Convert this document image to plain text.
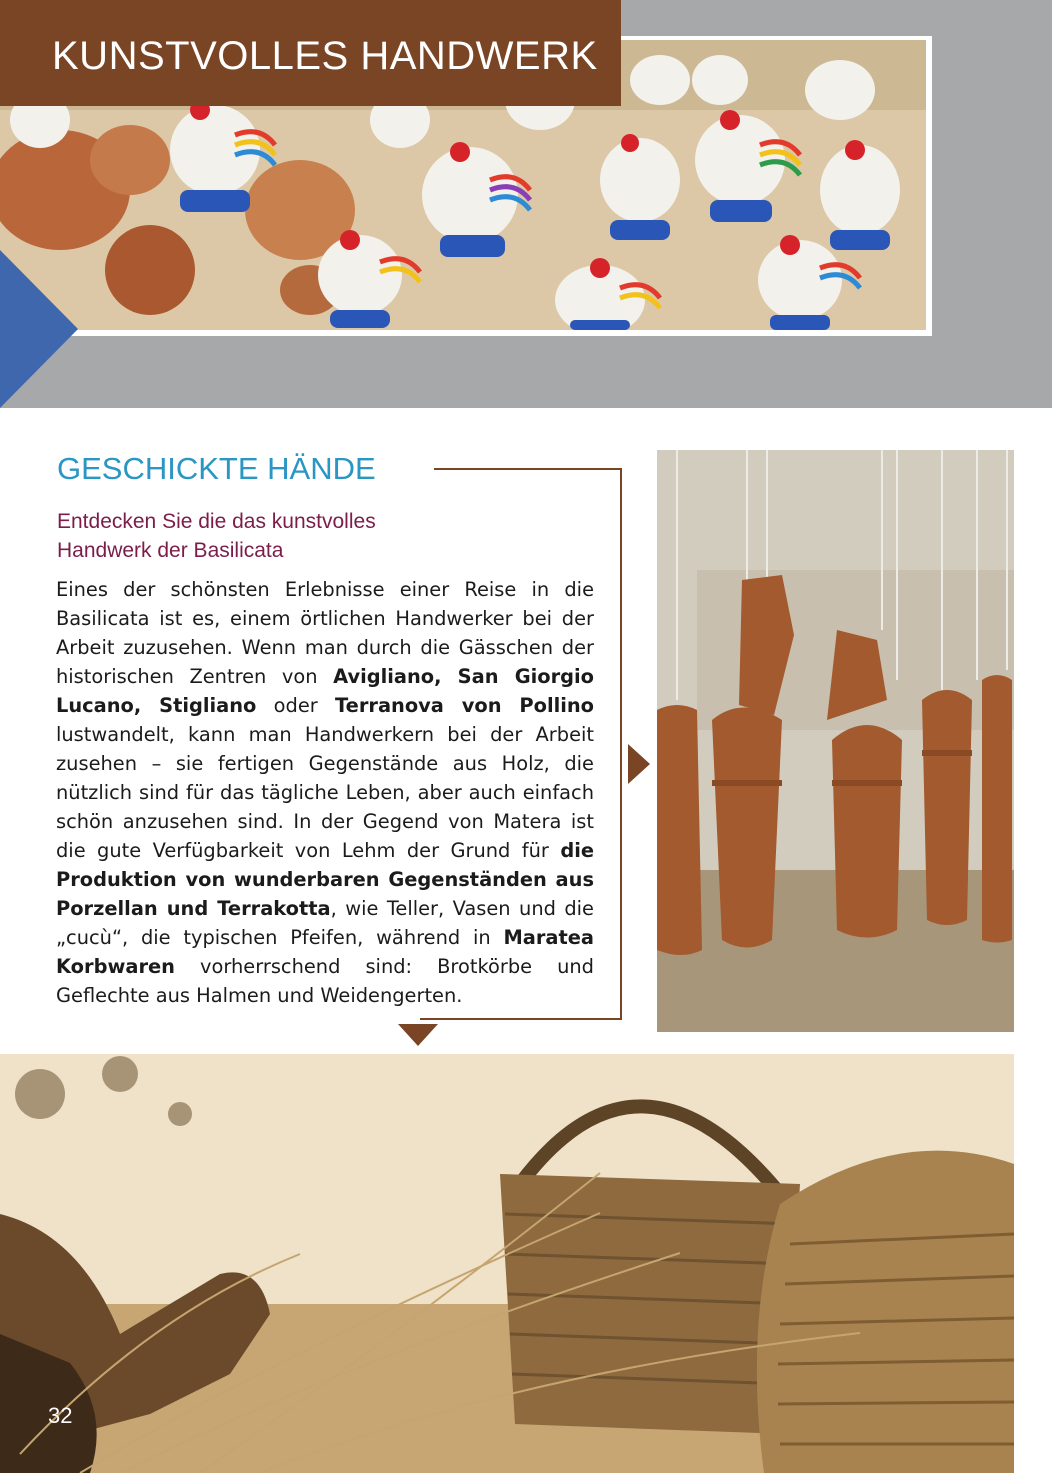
KUNSTVOLLES HANDWERK
GESCHICKTE HÄNDE
Entdecken Sie die das kunstvolles
Handwerk der Basilicata
Eines der schönsten Erlebnisse einer Reise in die Basilicata ist es, einem örtlichen Handwerker bei der Arbeit zuzusehen. Wenn man durch die Gässchen der historischen Zentren von Avigliano, San Giorgio Lucano, Stigliano oder Terranova von Pollino lustwandelt, kann man Handwerkern bei der Arbeit zusehen – sie fertigen Gegenstände aus Holz, die nützlich sind für das tägliche Leben, aber auch einfach schön anzusehen sind. In der Gegend von Matera ist die gute Verfügbarkeit von Lehm der Grund für die Produktion von wunderbaren Gegenständen aus Porzellan und Terrakotta, wie Teller, Vasen und die „cucù“, die typischen Pfeifen, während in Maratea Korbwaren vorherrschend sind: Brotkörbe und Geflechte aus Halmen und Weidengerten.
32
